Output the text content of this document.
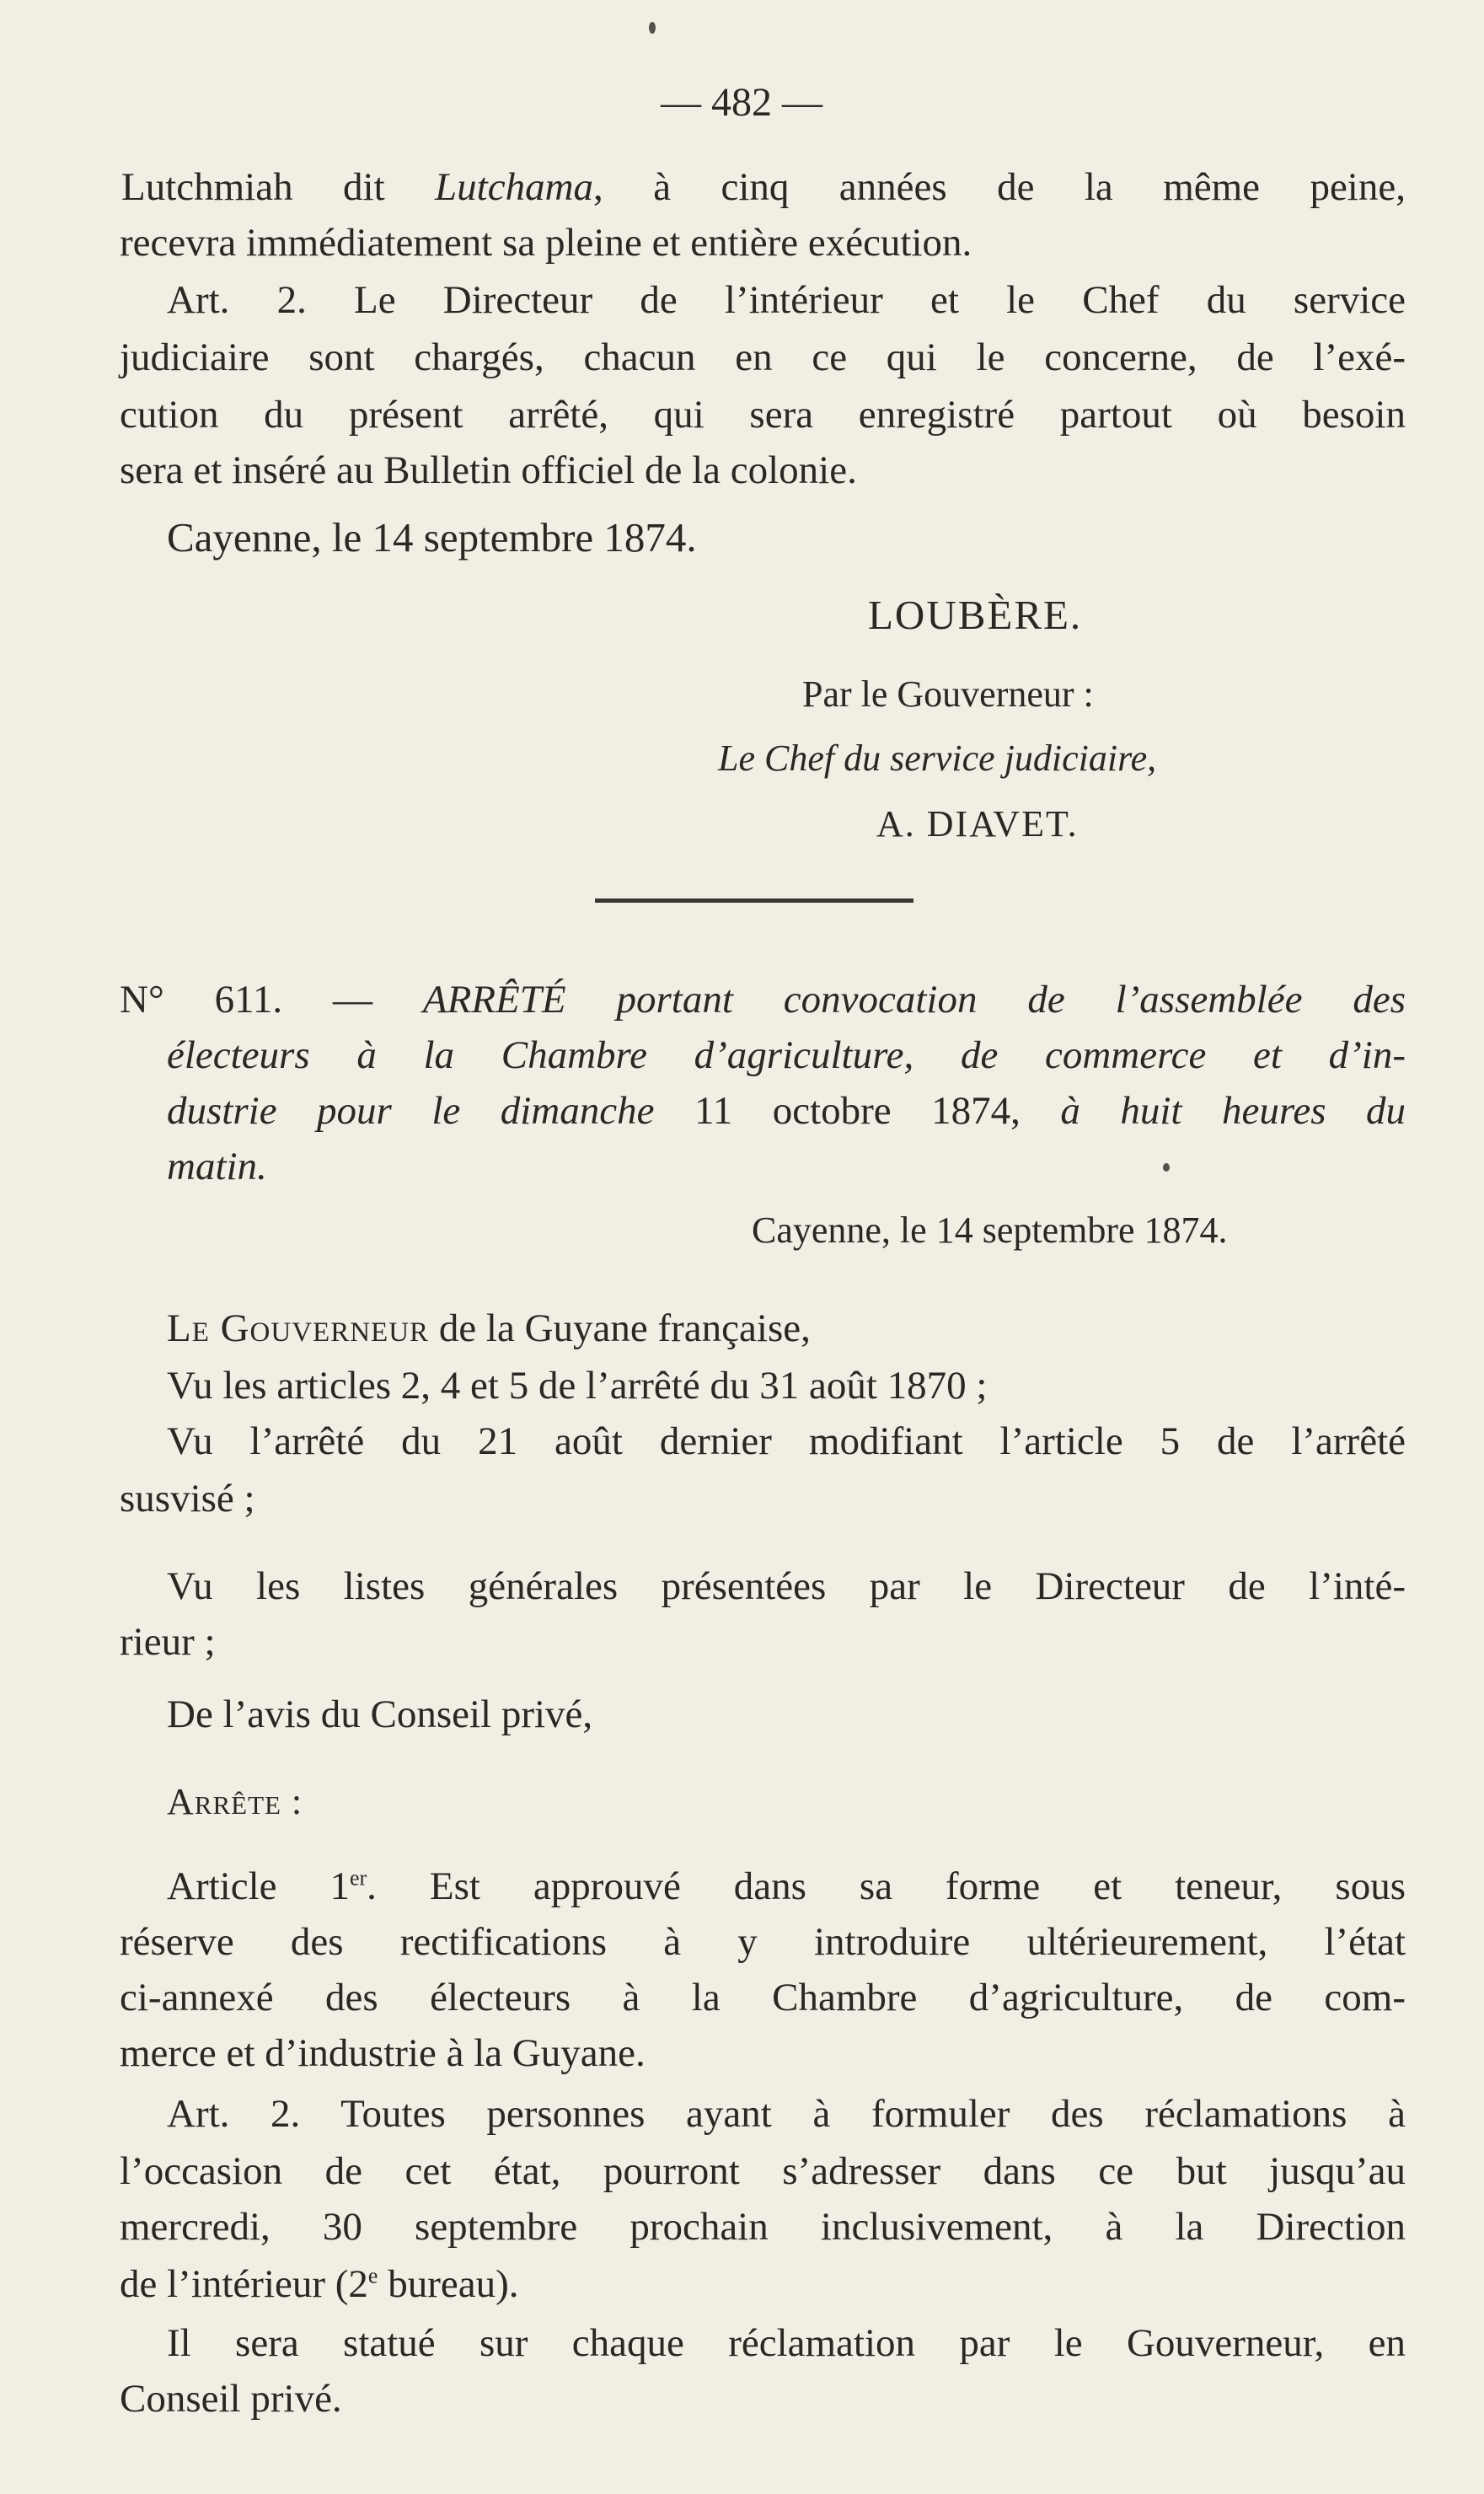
— 482 —

Lutchmiah dit Lutchama, à cinq années de la même peine,

recevra immédiatement sa pleine et entière exécution.

Art. 2. Le Directeur de l’intérieur et le Chef du service

judiciaire sont chargés, chacun en ce qui le concerne, de l’exé-

cution du présent arrêté, qui sera enregistré partout où besoin

sera et inséré au Bulletin officiel de la colonie.

Cayenne, le 14 septembre 1874.

LOUBÈRE.

Par le Gouverneur :

Le Chef du service judiciaire,

A. DIAVET.

N° 611. — ARRÊTÉ portant convocation de l’assemblée des

électeurs à la Chambre d’agriculture, de commerce et d’in-

dustrie pour le dimanche 11 octobre 1874, à huit heures du

matin.

Cayenne, le 14 septembre 1874.

Le Gouverneur de la Guyane française,

Vu les articles 2, 4 et 5 de l’arrêté du 31 août 1870 ;

Vu l’arrêté du 21 août dernier modifiant l’article 5 de l’arrêté

susvisé ;

Vu les listes générales présentées par le Directeur de l’inté-

rieur ;

De l’avis du Conseil privé,

Arrête :

Article 1er. Est approuvé dans sa forme et teneur, sous

réserve des rectifications à y introduire ultérieurement, l’état

ci-annexé des électeurs à la Chambre d’agriculture, de com-

merce et d’industrie à la Guyane.

Art. 2. Toutes personnes ayant à formuler des réclamations à

l’occasion de cet état, pourront s’adresser dans ce but jusqu’au

mercredi, 30 septembre prochain inclusivement, à la Direction

de l’intérieur (2e bureau).

Il sera statué sur chaque réclamation par le Gouverneur, en

Conseil privé.
